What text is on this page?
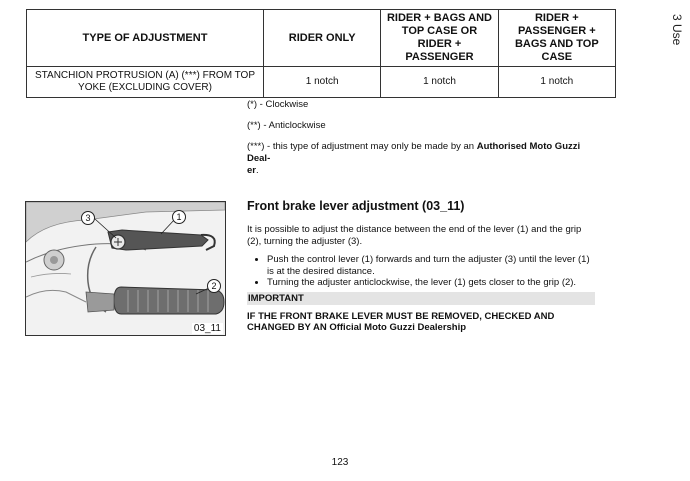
3 Use
TYPE OF ADJUSTMENT	RIDER ONLY	RIDER + BAGS AND TOP CASE OR RIDER + PASSENGER	RIDER + PASSENGER + BAGS AND TOP CASE
STANCHION PROTRUSION (A) (***) FROM TOP YOKE (EXCLUDING COVER)	1 notch	1 notch	1 notch

(*) - Clockwise

(**) - Anticlockwise

(***) - this type of adjustment may only be made by an Authorised Moto Guzzi Deal-
er.

3	1
2
03_11
Front brake lever adjustment (03_11)

It is possible to adjust the distance between the end of the lever (1) and the grip (2), turning the adjuster (3).

• Push the control lever (1) forwards and turn the adjuster (3) until the lever (1) is at the desired distance.
• Turning the adjuster anticlockwise, the lever (1) gets closer to the grip (2).
IMPORTANT

IF THE FRONT BRAKE LEVER MUST BE REMOVED, CHECKED AND CHANGED BY AN Official Moto Guzzi Dealership

123
